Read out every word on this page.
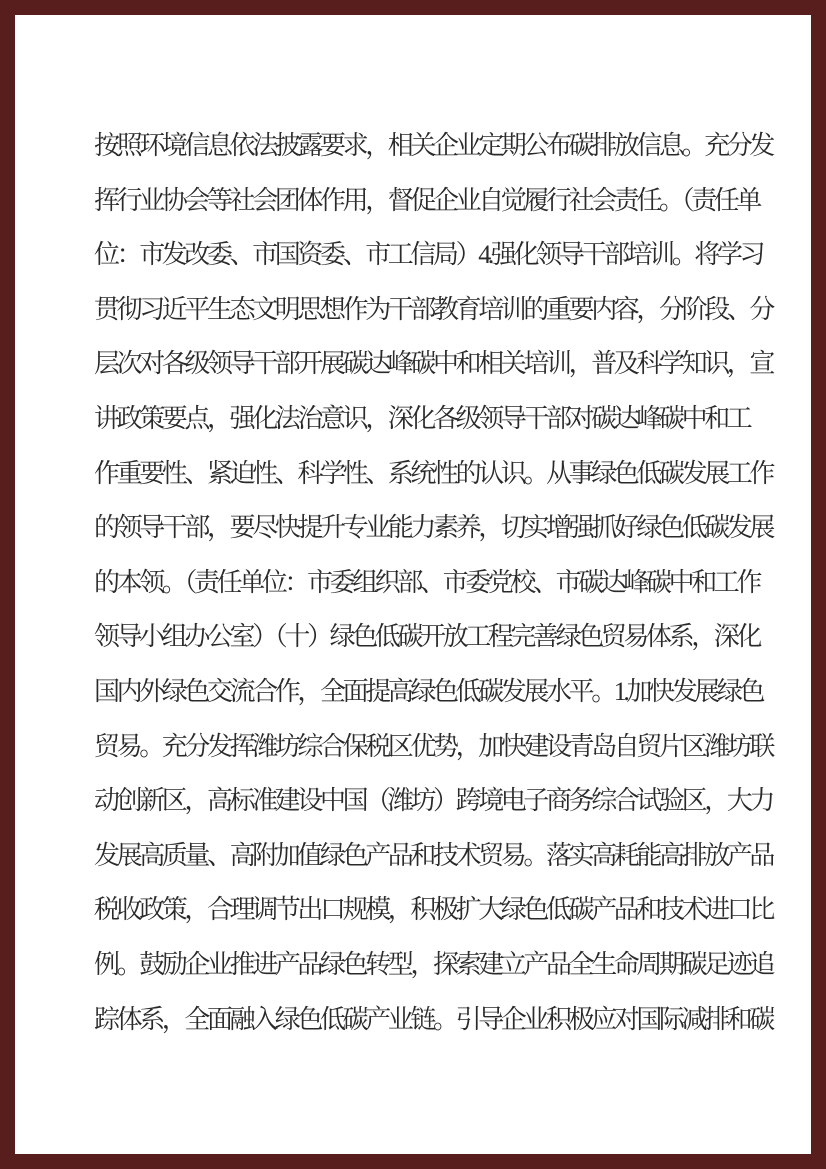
按照环境信息依法披露要求，相关企业定期公布碳排放信息。充分发
挥行业协会等社会团体作用，督促企业自觉履行社会责任。（责任单
位：市发改委、市国资委、市工信局）4.强化领导干部培训。将学习
贯彻习近平生态文明思想作为干部教育培训的重要内容，分阶段、分
层次对各级领导干部开展碳达峰碳中和相关培训，普及科学知识，宣
讲政策要点，强化法治意识，深化各级领导干部对碳达峰碳中和工
作重要性、紧迫性、科学性、系统性的认识。从事绿色低碳发展工作
的领导干部，要尽快提升专业能力素养，切实增强抓好绿色低碳发展
的本领。（责任单位：市委组织部、市委党校、市碳达峰碳中和工作
领导小组办公室）（十）绿色低碳开放工程完善绿色贸易体系，深化
国内外绿色交流合作，全面提高绿色低碳发展水平。1.加快发展绿色
贸易。充分发挥潍坊综合保税区优势，加快建设青岛自贸片区潍坊联
动创新区，高标准建设中国（潍坊）跨境电子商务综合试验区，大力
发展高质量、高附加值绿色产品和技术贸易。落实高耗能高排放产品
税收政策，合理调节出口规模，积极扩大绿色低碳产品和技术进口比
例。鼓励企业推进产品绿色转型，探索建立产品全生命周期碳足迹追
踪体系，全面融入绿色低碳产业链。引导企业积极应对国际减排和碳
